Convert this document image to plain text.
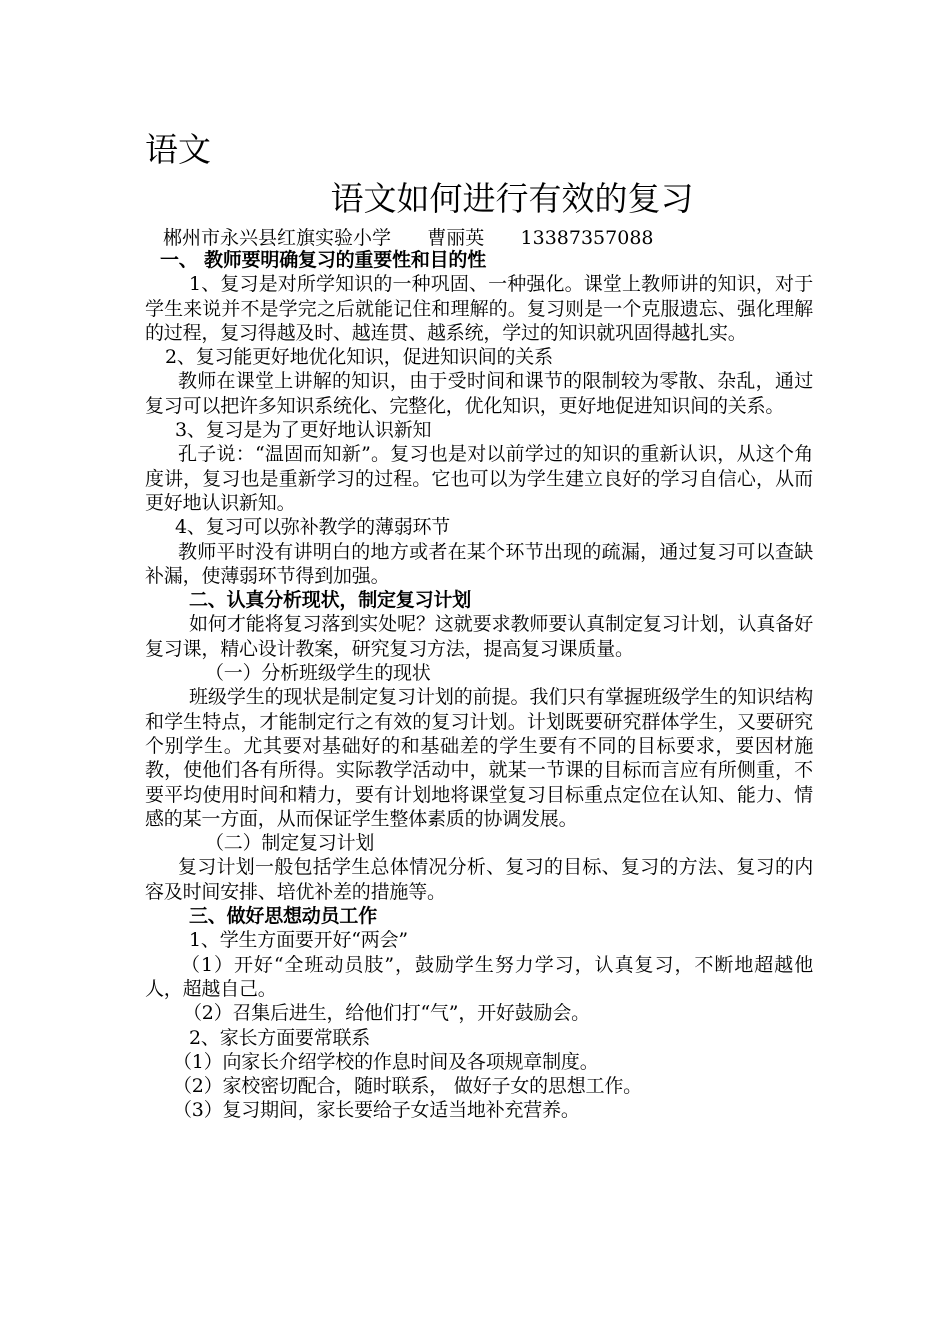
语文
语文如何进行有效的复习
郴州市永兴县红旗实验小学 曹丽英 13387357088

一、 教师要明确复习的重要性和目的性

1、复习是对所学知识的一种巩固、一种强化。课堂上教师讲的知识，对于学生来说并不是学完之后就能记住和理解的。复习则是一个克服遗忘、强化理解的过程，复习得越及时、越连贯、越系统，学过的知识就巩固得越扎实。

2、复习能更好地优化知识，促进知识间的关系

教师在课堂上讲解的知识，由于受时间和课节的限制较为零散、杂乱，通过复习可以把许多知识系统化、完整化，优化知识，更好地促进知识间的关系。

3、复习是为了更好地认识新知

孔子说：“温固而知新”。复习也是对以前学过的知识的重新认识，从这个角度讲，复习也是重新学习的过程。它也可以为学生建立良好的学习自信心，从而更好地认识新知。

4、复习可以弥补教学的薄弱环节

教师平时没有讲明白的地方或者在某个环节出现的疏漏，通过复习可以查缺补漏，使薄弱环节得到加强。

二、认真分析现状，制定复习计划

如何才能将复习落到实处呢？这就要求教师要认真制定复习计划，认真备好复习课，精心设计教案，研究复习方法，提高复习课质量。

（一）分析班级学生的现状

班级学生的现状是制定复习计划的前提。我们只有掌握班级学生的知识结构和学生特点，才能制定行之有效的复习计划。计划既要研究群体学生，又要研究个别学生。尤其要对基础好的和基础差的学生要有不同的目标要求，要因材施教，使他们各有所得。实际教学活动中，就某一节课的目标而言应有所侧重，不要平均使用时间和精力，要有计划地将课堂复习目标重点定位在认知、能力、情感的某一方面，从而保证学生整体素质的协调发展。

（二）制定复习计划

复习计划一般包括学生总体情况分析、复习的目标、复习的方法、复习的内容及时间安排、培优补差的措施等。

三、做好思想动员工作

1、学生方面要开好“两会”

（1）开好“全班动员肢”，鼓励学生努力学习，认真复习，不断地超越他人，超越自己。

（2）召集后进生，给他们打“气”，开好鼓励会。

2、家长方面要常联系

（1）向家长介绍学校的作息时间及各项规章制度。

（2）家校密切配合，随时联系， 做好子女的思想工作。

（3）复习期间，家长要给子女适当地补充营养。
